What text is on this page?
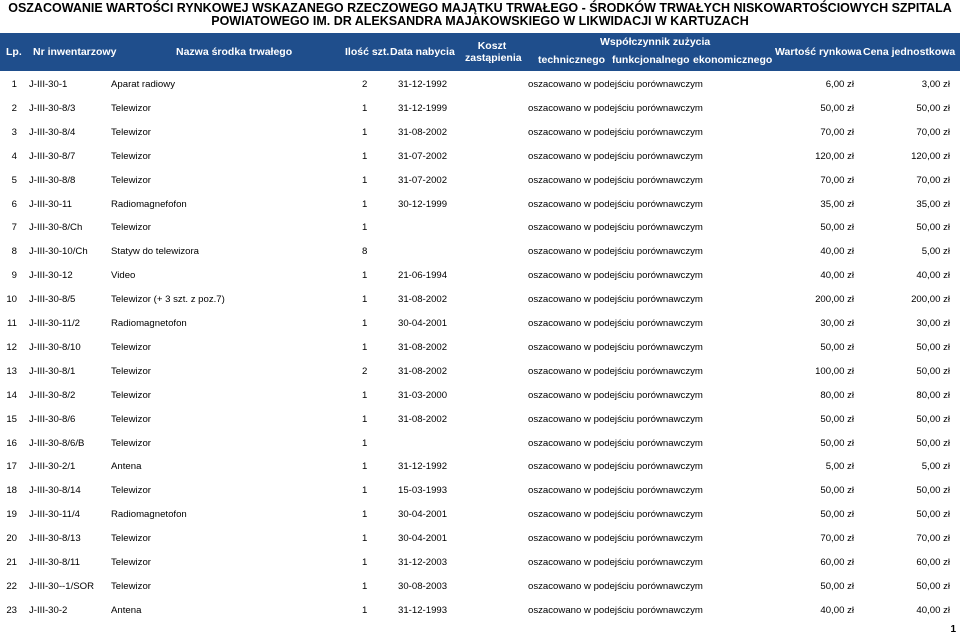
OSZACOWANIE WARTOŚCI RYNKOWEJ WSKAZANEGO RZECZOWEGO MAJĄTKU TRWAŁEGO - ŚRODKÓW TRWAŁYCH NISKOWARTOŚCIOWYCH SZPITALA
POWIATOWEGO IM. DR ALEKSANDRA MAJAKOWSKIEGO W LIKWIDACJI W KARTUZACH
Lp. Nr inwentarzowy	Nazwa środka trwałego	Ilość szt. Data nabycia	Koszt
zastąpienia
Współczynnik zużycia
technicznego funkcjonalnego ekonomicznego
Wartość rynkowa Cena jednostkowa
1 J-III-30-1	Aparat radiowy	2	31-12-1992	oszacowano w podejściu porównawczym	6,00 zł	3,00 zł
2 J-III-30-8/3	Telewizor	1	31-12-1999	oszacowano w podejściu porównawczym	50,00 zł	50,00 zł
3 J-III-30-8/4	Telewizor	1	31-08-2002	oszacowano w podejściu porównawczym	70,00 zł	70,00 zł
4 J-III-30-8/7	Telewizor	1	31-07-2002	oszacowano w podejściu porównawczym	120,00 zł	120,00 zł
5 J-III-30-8/8	Telewizor	1	31-07-2002	oszacowano w podejściu porównawczym	70,00 zł	70,00 zł
6 J-III-30-11	Radiomagnefofon	1	30-12-1999	oszacowano w podejściu porównawczym	35,00 zł	35,00 zł
7 J-III-30-8/Ch	Telewizor	1	oszacowano w podejściu porównawczym	50,00 zł	50,00 zł
8 J-III-30-10/Ch Statyw do telewizora	8	oszacowano w podejściu porównawczym	40,00 zł	5,00 zł
9 J-III-30-12	Video	1	21-06-1994	oszacowano w podejściu porównawczym	40,00 zł	40,00 zł
10 J-III-30-8/5	Telewizor (+ 3 szt. z poz.7)	1	31-08-2002	oszacowano w podejściu porównawczym	200,00 zł	200,00 zł
11 J-III-30-11/2	Radiomagnetofon	1	30-04-2001	oszacowano w podejściu porównawczym	30,00 zł	30,00 zł
12 J-III-30-8/10	Telewizor	1	31-08-2002	oszacowano w podejściu porównawczym	50,00 zł	50,00 zł
13 J-III-30-8/1	Telewizor	2	31-08-2002	oszacowano w podejściu porównawczym	100,00 zł	50,00 zł
14 J-III-30-8/2	Telewizor	1	31-03-2000	oszacowano w podejściu porównawczym	80,00 zł	80,00 zł
15 J-III-30-8/6	Telewizor	1	31-08-2002	oszacowano w podejściu porównawczym	50,00 zł	50,00 zł
16 J-III-30-8/6/B	Telewizor	1	oszacowano w podejściu porównawczym	50,00 zł	50,00 zł
17 J-III-30-2/1	Antena	1	31-12-1992	oszacowano w podejściu porównawczym	5,00 zł	5,00 zł
18 J-III-30-8/14	Telewizor	1	15-03-1993	oszacowano w podejściu porównawczym	50,00 zł	50,00 zł
19 J-III-30-11/4	Radiomagnetofon	1	30-04-2001	oszacowano w podejściu porównawczym	50,00 zł	50,00 zł
20 J-III-30-8/13	Telewizor	1	30-04-2001	oszacowano w podejściu porównawczym	70,00 zł	70,00 zł
21 J-III-30-8/11	Telewizor	1	31-12-2003	oszacowano w podejściu porównawczym	60,00 zł	60,00 zł
22 J-III-30--1/SOR Telewizor	1	30-08-2003	oszacowano w podejściu porównawczym	50,00 zł	50,00 zł
23 J-III-30-2	Antena	1	31-12-1993	oszacowano w podejściu porównawczym	40,00 zł	40,00 zł
1
